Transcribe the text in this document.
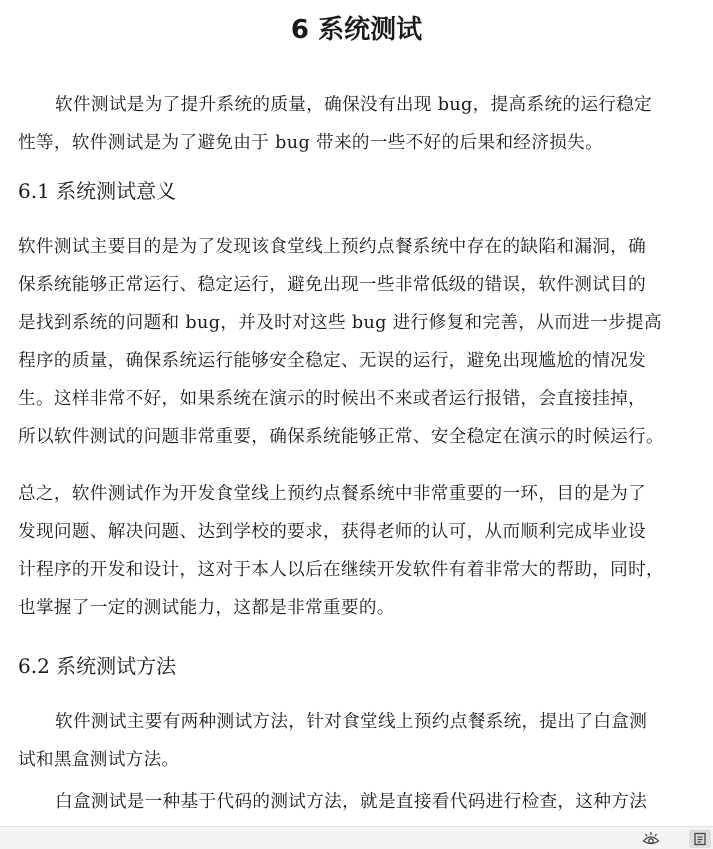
6 系统测试
软件测试是为了提升系统的质量，确保没有出现 bug，提高系统的运行稳定
性等，软件测试是为了避免由于 bug 带来的一些不好的后果和经济损失。
6.1 系统测试意义
软件测试主要目的是为了发现该食堂线上预约点餐系统中存在的缺陷和漏洞，确
保系统能够正常运行、稳定运行，避免出现一些非常低级的错误，软件测试目的
是找到系统的问题和 bug，并及时对这些 bug 进行修复和完善，从而进一步提高
程序的质量，确保系统运行能够安全稳定、无误的运行，避免出现尴尬的情况发
生。这样非常不好，如果系统在演示的时候出不来或者运行报错，会直接挂掉，
所以软件测试的问题非常重要，确保系统能够正常、安全稳定在演示的时候运行。
总之，软件测试作为开发食堂线上预约点餐系统中非常重要的一环，目的是为了
发现问题、解决问题、达到学校的要求，获得老师的认可，从而顺利完成毕业设
计程序的开发和设计，这对于本人以后在继续开发软件有着非常大的帮助，同时，
也掌握了一定的测试能力，这都是非常重要的。
6.2 系统测试方法
软件测试主要有两种测试方法，针对食堂线上预约点餐系统，提出了白盒测
试和黑盒测试方法。
白盒测试是一种基于代码的测试方法，就是直接看代码进行检查，这种方法
